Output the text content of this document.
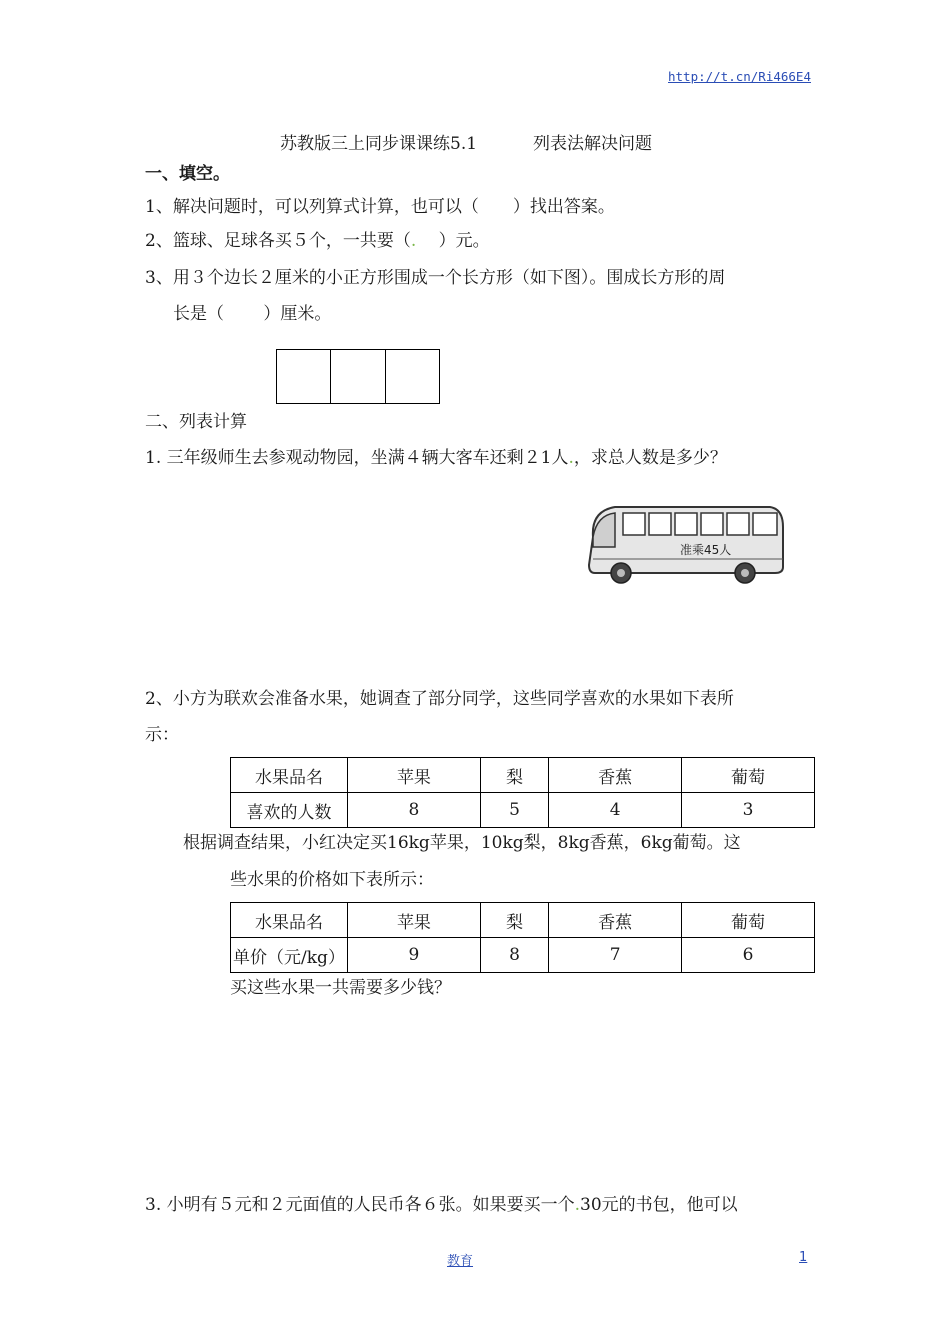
http://t.cn/Ri466E4
苏教版三上同步课课练5.1	列表法解决问题
一、填空。
1、解决问题时，可以列算式计算，也可以（　　）找出答案。
2、篮球、足球各买５个，一共要（.　 ）元。
3、用３个边长２厘米的小正方形围成一个长方形（如下图）。围成长方形的周
长是（　　 ）厘米。
二、列表计算
1. 三年级师生去参观动物园，坐满４辆大客车还剩２1人.，求总人数是多少？
准乘45人
2、小方为联欢会准备水果，她调查了部分同学，这些同学喜欢的水果如下表所
示：
水果品名	苹果	梨	香蕉	葡萄
喜欢的人数	8	5	4	3
根据调查结果，小红决定买16kg苹果，10kg梨，8kg香蕉，6kg葡萄。这
些水果的价格如下表所示：
水果品名	苹果	梨	香蕉	葡萄
单价（元/kg）	9	8	7	6
买这些水果一共需要多少钱？
3. 小明有５元和２元面值的人民币各６张。如果要买一个.30元的书包，他可以
教育	1
